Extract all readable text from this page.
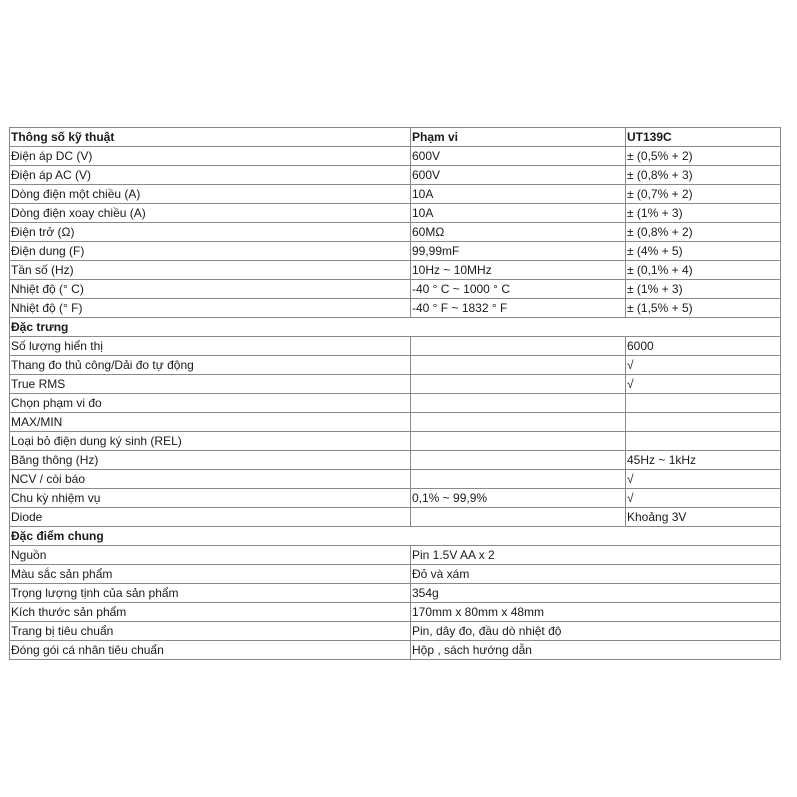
Thông số kỹ thuật	Phạm vi	UT139C
Điện áp DC (V)	600V	± (0,5% + 2)
Điện áp AC (V)	600V	± (0,8% + 3)
Dòng điện một chiều (A)	10A	± (0,7% + 2)
Dòng điện xoay chiều (A)	10A	± (1% + 3)
Điện trở (Ω)	60MΩ	± (0,8% + 2)
Điện dung (F)	99,99mF	± (4% + 5)
Tần số (Hz)	10Hz ~ 10MHz	± (0,1% + 4)
Nhiệt độ (° C)	-40 ° C ~ 1000 ° C	± (1% + 3)
Nhiệt độ (° F)	-40 ° F ~ 1832 ° F	± (1,5% + 5)
Đặc trưng		
Số lượng hiển thị		6000
Thang đo thủ công/Dải đo tự động		√
True RMS		√
Chọn phạm vi đo		
MAX/MIN		
Loại bỏ điện dung ký sinh (REL)		
Băng thông (Hz)		45Hz ~ 1kHz
NCV / còi báo		√
Chu kỳ nhiệm vụ	0,1% ~ 99,9%	√
Diode		Khoảng 3V
Đặc điểm chung		
Nguồn	Pin 1.5V AA x 2	
Màu sắc sản phẩm	Đỏ và xám	
Trọng lượng tịnh của sản phẩm	354g	
Kích thước sản phẩm	170mm x 80mm x 48mm	
Trang bị tiêu chuẩn	Pin, dây đo, đầu dò nhiệt độ	
Đóng gói cá nhân tiêu chuẩn	Hộp , sách hướng dẫn	
